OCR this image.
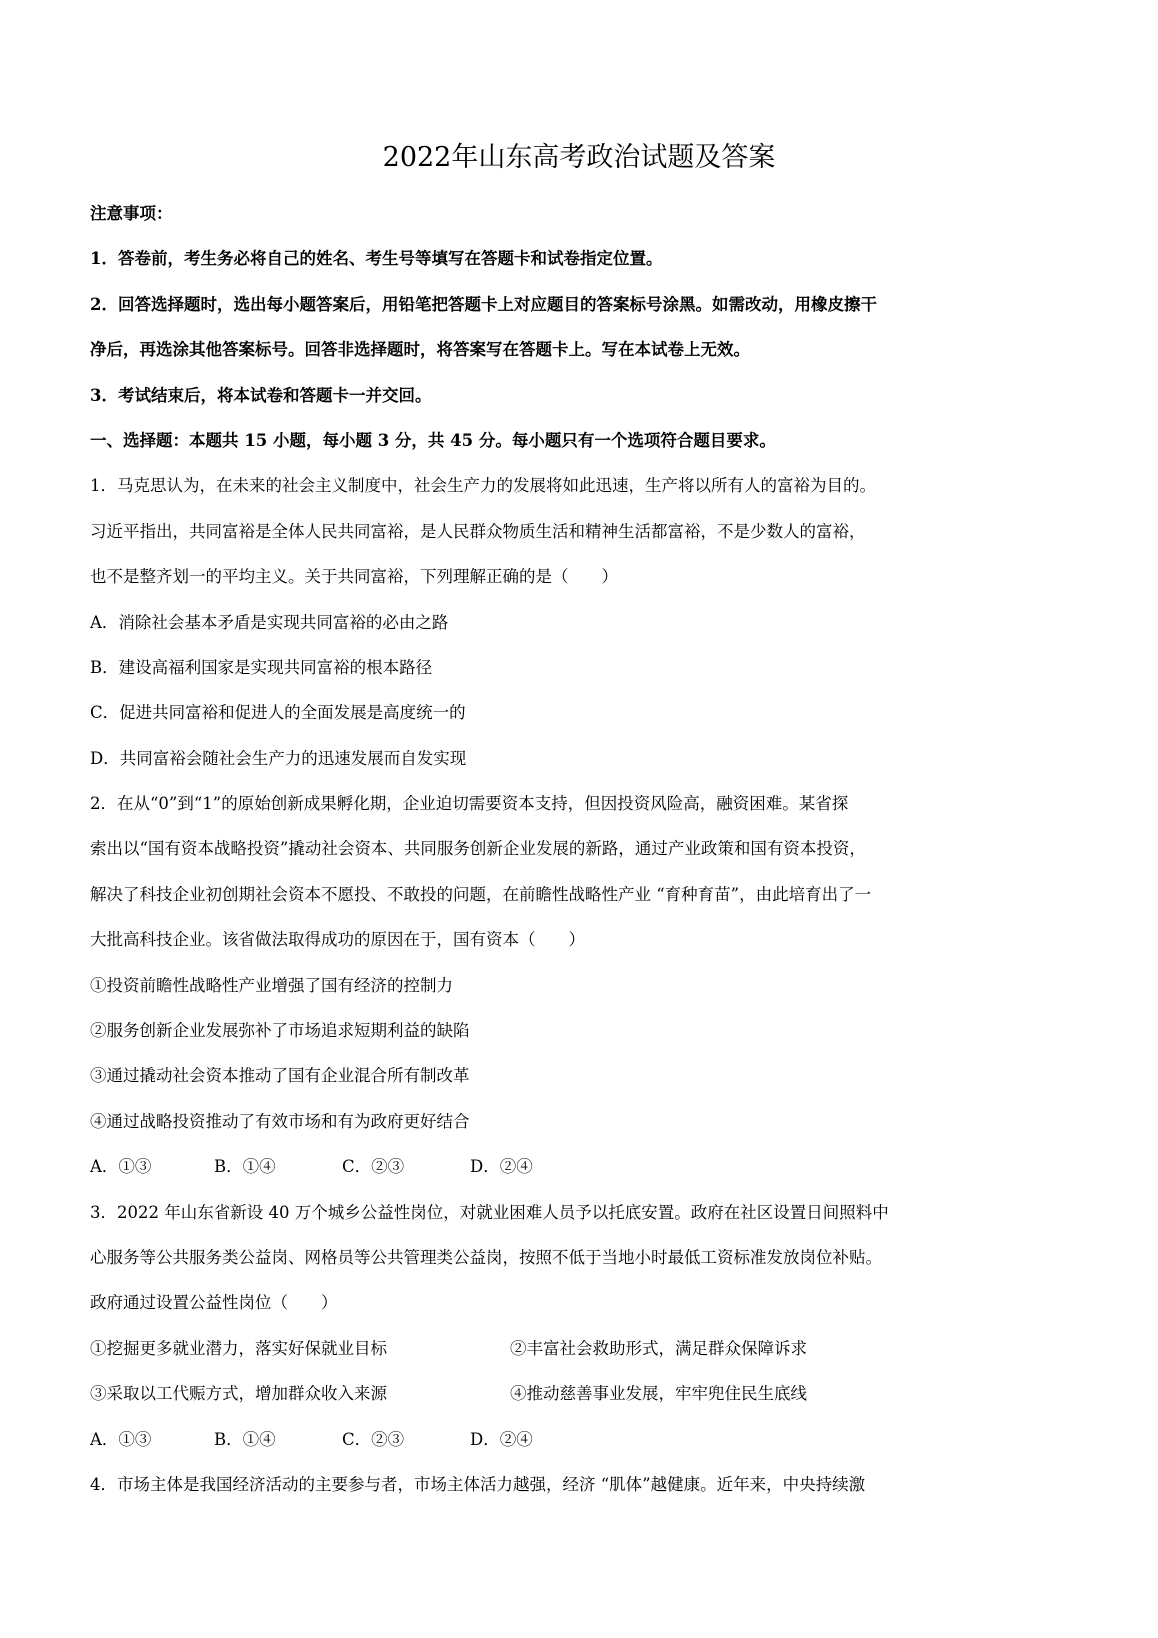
2022年山东高考政治试题及答案
注意事项：
1．答卷前，考生务必将自己的姓名、考生号等填写在答题卡和试卷指定位置。
2．回答选择题时，选出每小题答案后，用铅笔把答题卡上对应题目的答案标号涂黑。如需改动，用橡皮擦干
净后，再选涂其他答案标号。回答非选择题时，将答案写在答题卡上。写在本试卷上无效。
3．考试结束后，将本试卷和答题卡一并交回。
一、选择题：本题共 15 小题，每小题 3 分，共 45 分。每小题只有一个选项符合题目要求。
1．马克思认为，在未来的社会主义制度中，社会生产力的发展将如此迅速，生产将以所有人的富裕为目的。
习近平指出，共同富裕是全体人民共同富裕，是人民群众物质生活和精神生活都富裕，不是少数人的富裕，
也不是整齐划一的平均主义。关于共同富裕，下列理解正确的是（　　）
A．消除社会基本矛盾是实现共同富裕的必由之路
B．建设高福利国家是实现共同富裕的根本路径
C．促进共同富裕和促进人的全面发展是高度统一的
D．共同富裕会随社会生产力的迅速发展而自发实现
2．在从“0”到“1”的原始创新成果孵化期，企业迫切需要资本支持，但因投资风险高，融资困难。某省探
索出以“国有资本战略投资”撬动社会资本、共同服务创新企业发展的新路，通过产业政策和国有资本投资，
解决了科技企业初创期社会资本不愿投、不敢投的问题，在前瞻性战略性产业 “育种育苗”，由此培育出了一
大批高科技企业。该省做法取得成功的原因在于，国有资本（　　）
①投资前瞻性战略性产业增强了国有经济的控制力
②服务创新企业发展弥补了市场追求短期利益的缺陷
③通过撬动社会资本推动了国有企业混合所有制改革
④通过战略投资推动了有效市场和有为政府更好结合
A．①③	B．①④	C．②③	D．②④
3．2022 年山东省新设 40 万个城乡公益性岗位，对就业困难人员予以托底安置。政府在社区设置日间照料中
心服务等公共服务类公益岗、网格员等公共管理类公益岗，按照不低于当地小时最低工资标准发放岗位补贴。
政府通过设置公益性岗位（　　）
①挖掘更多就业潜力，落实好保就业目标	②丰富社会救助形式，满足群众保障诉求
③采取以工代赈方式，增加群众收入来源	④推动慈善事业发展，牢牢兜住民生底线
A．①③	B．①④	C．②③	D．②④
4．市场主体是我国经济活动的主要参与者，市场主体活力越强，经济 “肌体”越健康。近年来，中央持续激
